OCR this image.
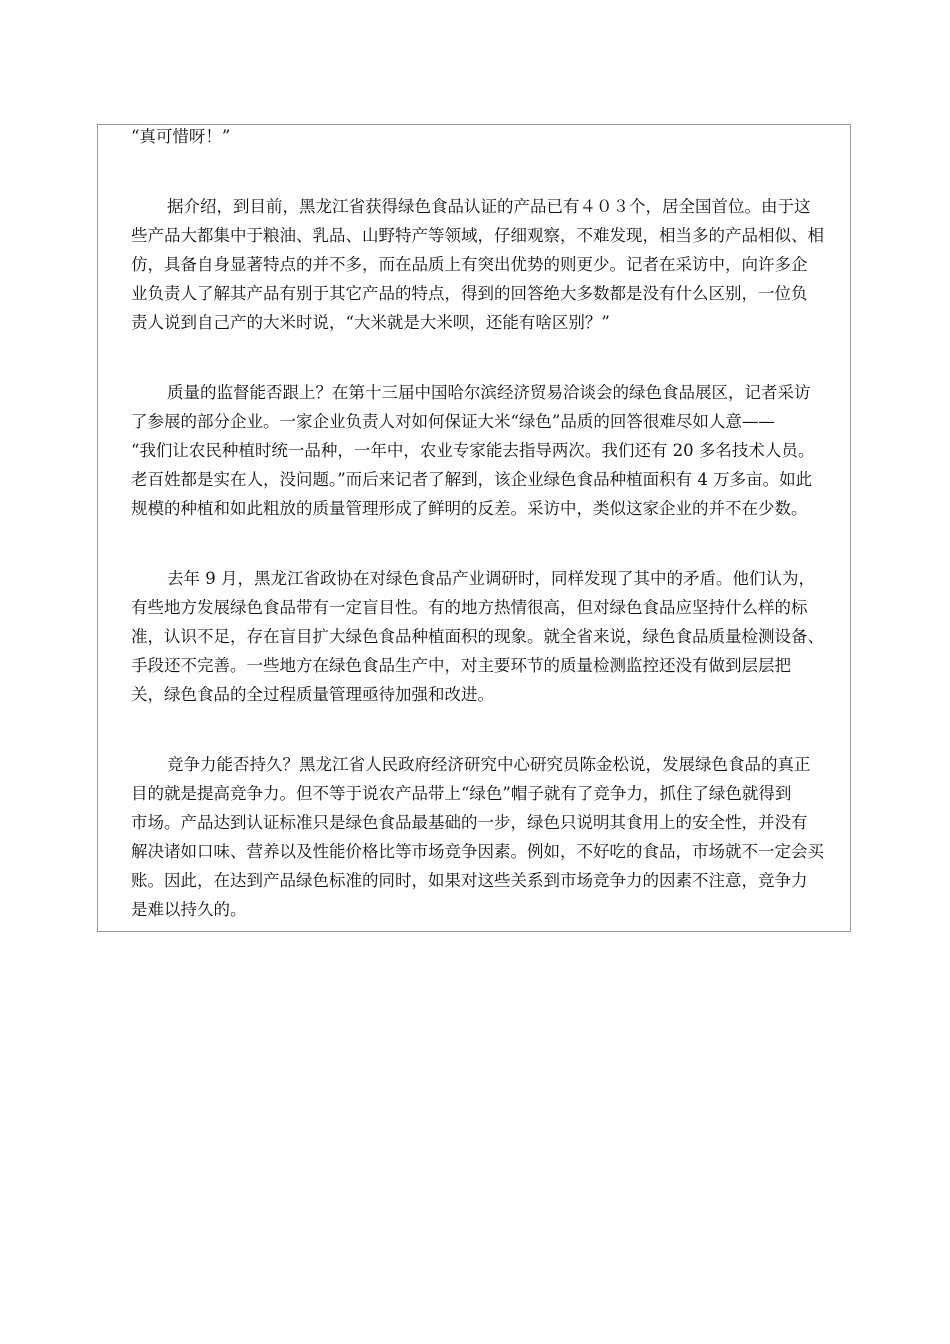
“真可惜呀！”
据介绍，到目前，黑龙江省获得绿色食品认证的产品已有４０３个，居全国首位。由于这
些产品大都集中于粮油、乳品、山野特产等领域，仔细观察，不难发现，相当多的产品相似、相
仿，具备自身显著特点的并不多，而在品质上有突出优势的则更少。记者在采访中，向许多企
业负责人了解其产品有别于其它产品的特点，得到的回答绝大多数都是没有什么区别，一位负
责人说到自己产的大米时说，“大米就是大米呗，还能有啥区别？”
质量的监督能否跟上？在第十三届中国哈尔滨经济贸易洽谈会的绿色食品展区，记者采访
了参展的部分企业。一家企业负责人对如何保证大米“绿色”品质的回答很难尽如人意——
“我们让农民种植时统一品种，一年中，农业专家能去指导两次。我们还有 20 多名技术人员。
老百姓都是实在人，没问题。”而后来记者了解到，该企业绿色食品种植面积有 4 万多亩。如此
规模的种植和如此粗放的质量管理形成了鲜明的反差。采访中，类似这家企业的并不在少数。
去年 9 月，黑龙江省政协在对绿色食品产业调研时，同样发现了其中的矛盾。他们认为，
有些地方发展绿色食品带有一定盲目性。有的地方热情很高，但对绿色食品应坚持什么样的标
准，认识不足，存在盲目扩大绿色食品种植面积的现象。就全省来说，绿色食品质量检测设备、
手段还不完善。一些地方在绿色食品生产中，对主要环节的质量检测监控还没有做到层层把
关，绿色食品的全过程质量管理亟待加强和改进。
竞争力能否持久？黑龙江省人民政府经济研究中心研究员陈金松说，发展绿色食品的真正
目的就是提高竞争力。但不等于说农产品带上“绿色”帽子就有了竞争力，抓住了绿色就得到
市场。产品达到认证标准只是绿色食品最基础的一步，绿色只说明其食用上的安全性，并没有
解决诸如口味、营养以及性能价格比等市场竞争因素。例如，不好吃的食品，市场就不一定会买
账。因此，在达到产品绿色标准的同时，如果对这些关系到市场竞争力的因素不注意，竞争力
是难以持久的。
